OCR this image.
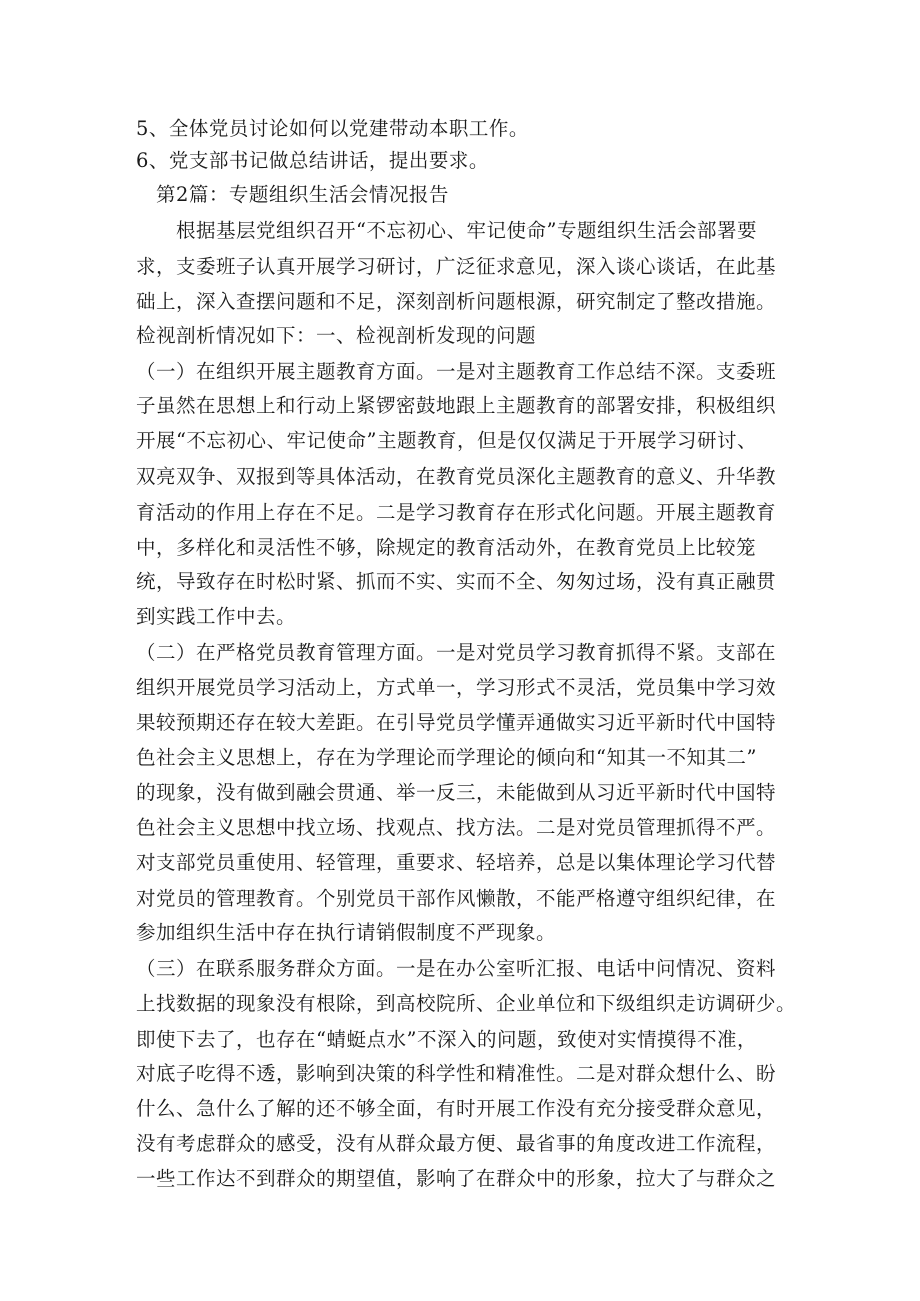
5、全体党员讨论如何以党建带动本职工作。
6、党支部书记做总结讲话，提出要求。
　第2篇：专题组织生活会情况报告
　　根据基层党组织召开“不忘初心、牢记使命”专题组织生活会部署要
求，支委班子认真开展学习研讨，广泛征求意见，深入谈心谈话，在此基
础上，深入查摆问题和不足，深刻剖析问题根源，研究制定了整改措施。
检视剖析情况如下：一、检视剖析发现的问题
（一）在组织开展主题教育方面。一是对主题教育工作总结不深。支委班
子虽然在思想上和行动上紧锣密鼓地跟上主题教育的部署安排，积极组织
开展“不忘初心、牢记使命”主题教育，但是仅仅满足于开展学习研讨、
双亮双争、双报到等具体活动，在教育党员深化主题教育的意义、升华教
育活动的作用上存在不足。二是学习教育存在形式化问题。开展主题教育
中，多样化和灵活性不够，除规定的教育活动外，在教育党员上比较笼
统，导致存在时松时紧、抓而不实、实而不全、匆匆过场，没有真正融贯
到实践工作中去。
（二）在严格党员教育管理方面。一是对党员学习教育抓得不紧。支部在
组织开展党员学习活动上，方式单一，学习形式不灵活，党员集中学习效
果较预期还存在较大差距。在引导党员学懂弄通做实习近平新时代中国特
色社会主义思想上，存在为学理论而学理论的倾向和“知其一不知其二”
的现象，没有做到融会贯通、举一反三，未能做到从习近平新时代中国特
色社会主义思想中找立场、找观点、找方法。二是对党员管理抓得不严。
对支部党员重使用、轻管理，重要求、轻培养，总是以集体理论学习代替
对党员的管理教育。个别党员干部作风懒散，不能严格遵守组织纪律，在
参加组织生活中存在执行请销假制度不严现象。
（三）在联系服务群众方面。一是在办公室听汇报、电话中问情况、资料
上找数据的现象没有根除，到高校院所、企业单位和下级组织走访调研少。
即使下去了，也存在“蜻蜓点水”不深入的问题，致使对实情摸得不准，
对底子吃得不透，影响到决策的科学性和精准性。二是对群众想什么、盼
什么、急什么了解的还不够全面，有时开展工作没有充分接受群众意见，
没有考虑群众的感受，没有从群众最方便、最省事的角度改进工作流程，
一些工作达不到群众的期望值，影响了在群众中的形象，拉大了与群众之
